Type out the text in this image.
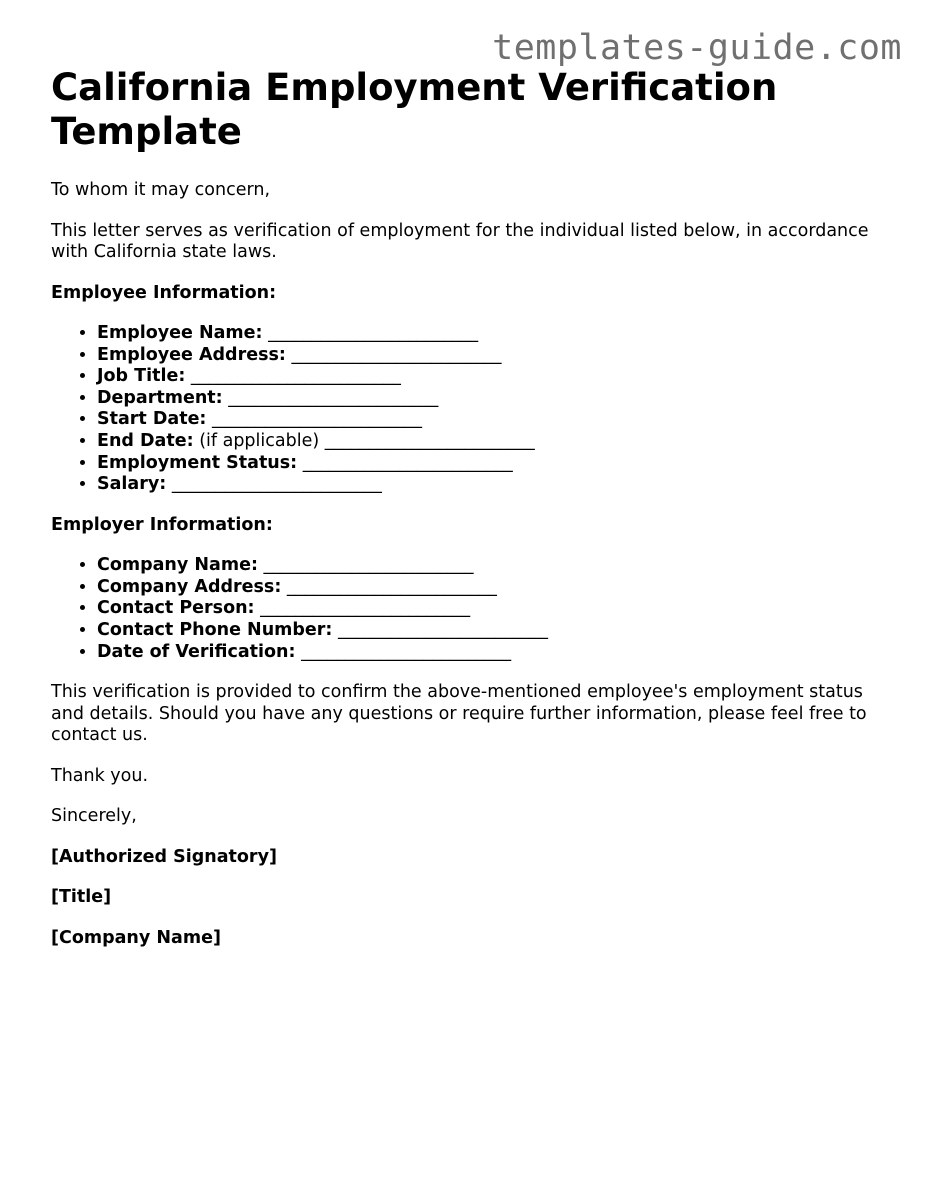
templates-guide.com
California Employment Verification Template

To whom it may concern,

This letter serves as verification of employment for the individual listed below, in accordance with California state laws.

Employee Information:

• Employee Name: ________________________
• Employee Address: ________________________
• Job Title: ________________________
• Department: ________________________
• Start Date: ________________________
• End Date: (if applicable) ________________________
• Employment Status: ________________________
• Salary: ________________________

Employer Information:

• Company Name: ________________________
• Company Address: ________________________
• Contact Person: ________________________
• Contact Phone Number: ________________________
• Date of Verification: ________________________

This verification is provided to confirm the above-mentioned employee's employment status and details. Should you have any questions or require further information, please feel free to contact us.

Thank you.

Sincerely,

[Authorized Signatory]

[Title]

[Company Name]
